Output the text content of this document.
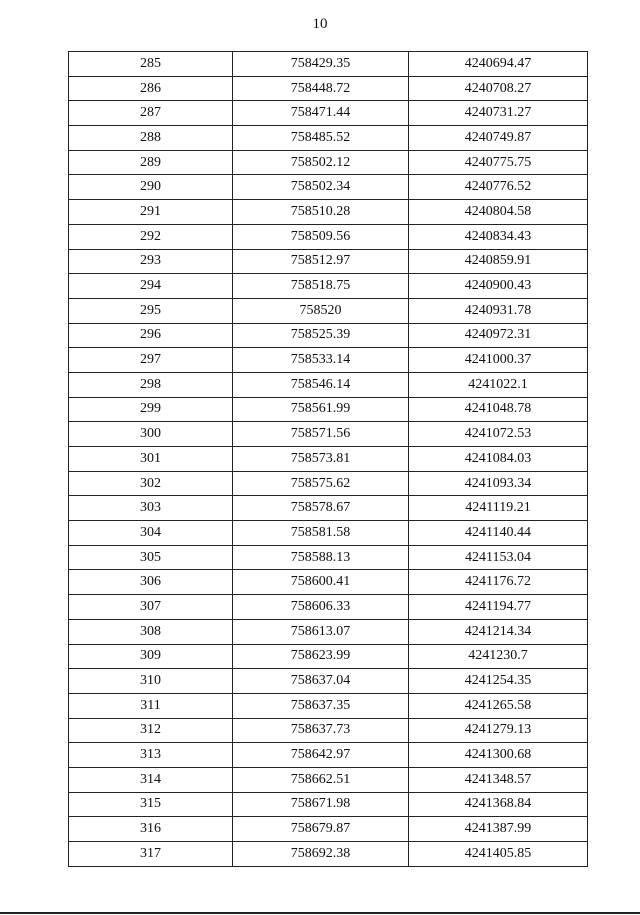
10
285	758429.35	4240694.47
286	758448.72	4240708.27
287	758471.44	4240731.27
288	758485.52	4240749.87
289	758502.12	4240775.75
290	758502.34	4240776.52
291	758510.28	4240804.58
292	758509.56	4240834.43
293	758512.97	4240859.91
294	758518.75	4240900.43
295	758520	4240931.78
296	758525.39	4240972.31
297	758533.14	4241000.37
298	758546.14	4241022.1
299	758561.99	4241048.78
300	758571.56	4241072.53
301	758573.81	4241084.03
302	758575.62	4241093.34
303	758578.67	4241119.21
304	758581.58	4241140.44
305	758588.13	4241153.04
306	758600.41	4241176.72
307	758606.33	4241194.77
308	758613.07	4241214.34
309	758623.99	4241230.7
310	758637.04	4241254.35
311	758637.35	4241265.58
312	758637.73	4241279.13
313	758642.97	4241300.68
314	758662.51	4241348.57
315	758671.98	4241368.84
316	758679.87	4241387.99
317	758692.38	4241405.85
